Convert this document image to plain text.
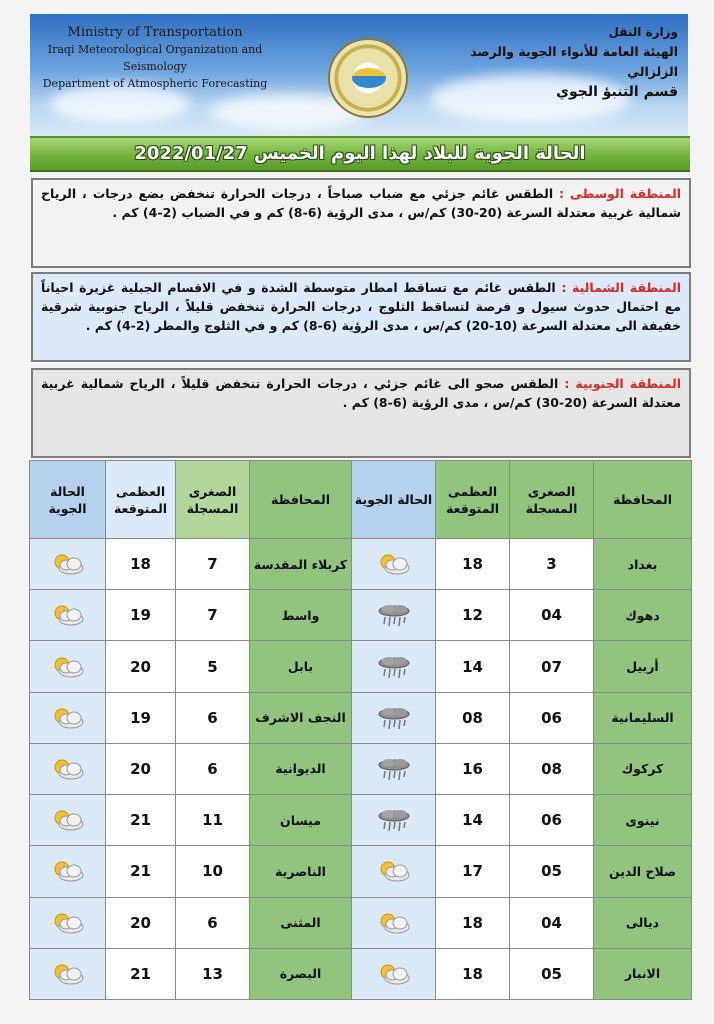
Ministry of Transportation
Iraqi Meteorological Organization and Seismology
Department of Atmospheric Forecasting
وزارة النقل
الهيئة العامة للأنواء الجوية والرصد الزلزالي
قسم التنبؤ الجوي
الحالة الجوية للبلاد لهذا اليوم الخميس 2022/01/27
المنطقة الوسطى : الطقس غائم جزئي مع ضباب صباحاً ، درجات الحرارة تنخفض بضع درجات ، الرياح شمالية غربية معتدلة السرعة (20-30) كم/س ، مدى الرؤية (6-8) كم و في الضباب (2-4) كم .
المنطقة الشمالية : الطقس غائم مع تساقط امطار متوسطة الشدة و في الاقسام الجبلية غزيرة احياناً مع احتمال حدوث سيول و فرصة لتساقط الثلوج ، درجات الحرارة تنخفض قليلاً ، الرياح جنوبية شرقية خفيفة الى معتدلة السرعة (10-20) كم/س ، مدى الرؤية (6-8) كم و في الثلوج والمطر (2-4) كم .
المنطقة الجنوبية : الطقس صحو الى غائم جزئي ، درجات الحرارة تنخفض قليلاً ، الرياح شمالية غربية معتدلة السرعة (20-30) كم/س ، مدى الرؤية (6-8) كم .
المحافظة	الصغرى المسجلة	العظمى المتوقعة	الحالة الجوية	المحافظة	الصغرى المسجلة	العظمى المتوقعة	الحالة الجوية
بغداد	3	18		كربلاء المقدسة	7	18	
دهوك	04	12		واسط	7	19	
أربيل	07	14		بابل	5	20	
السليمانية	06	08		النجف الاشرف	6	19	
كركوك	08	16		الديوانية	6	20	
نينوى	06	14		ميسان	11	21	
صلاح الدين	05	17		الناصرية	10	21	
ديالى	04	18		المثنى	6	20	
الانبار	05	18		البصرة	13	21	
